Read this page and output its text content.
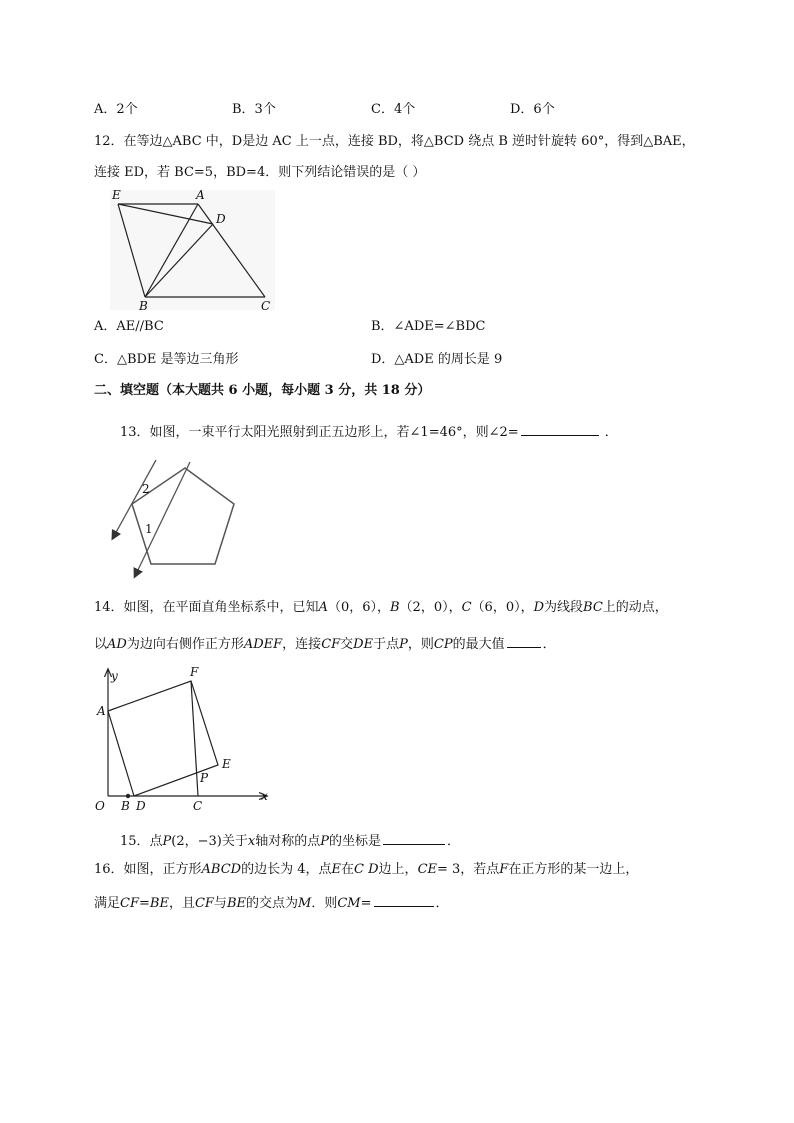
A．2个	B．3个	C．4个	D．6个
12．在等边△ABC 中，D是边 AC 上一点，连接 BD，将△BCD 绕点 B 逆时针旋转 60°，得到△BAE，
连接 ED，若 BC=5，BD=4．则下列结论错误的是（ ）
E	A
D
B	C
A．AE//BC	B．∠ADE=∠BDC
C．△BDE 是等边三角形	D．△ADE 的周长是 9
二、填空题（本大题共 6 小题，每小题 3 分，共 18 分）
13．如图，一束平行太阳光照射到正五边形上，若∠1=46°，则∠2=	．
2
1
14．如图，在平面直角坐标系中，已知A（0，6），B（2，0），C（6，0），D为线段BC上的动点，
以AD为边向右侧作正方形ADEF，连接CF交DE于点P，则CP的最大值	．
y
x
O
A
B D	C
F
E
P
15．点P(2，−3)关于x轴对称的点P的坐标是	．
16．如图，正方形ABCD的边长为 4，点E在C D边上，CE= 3，若点F在正方形的某一边上，
满足CF=BE，且CF与BE的交点为M．则CM=	．
